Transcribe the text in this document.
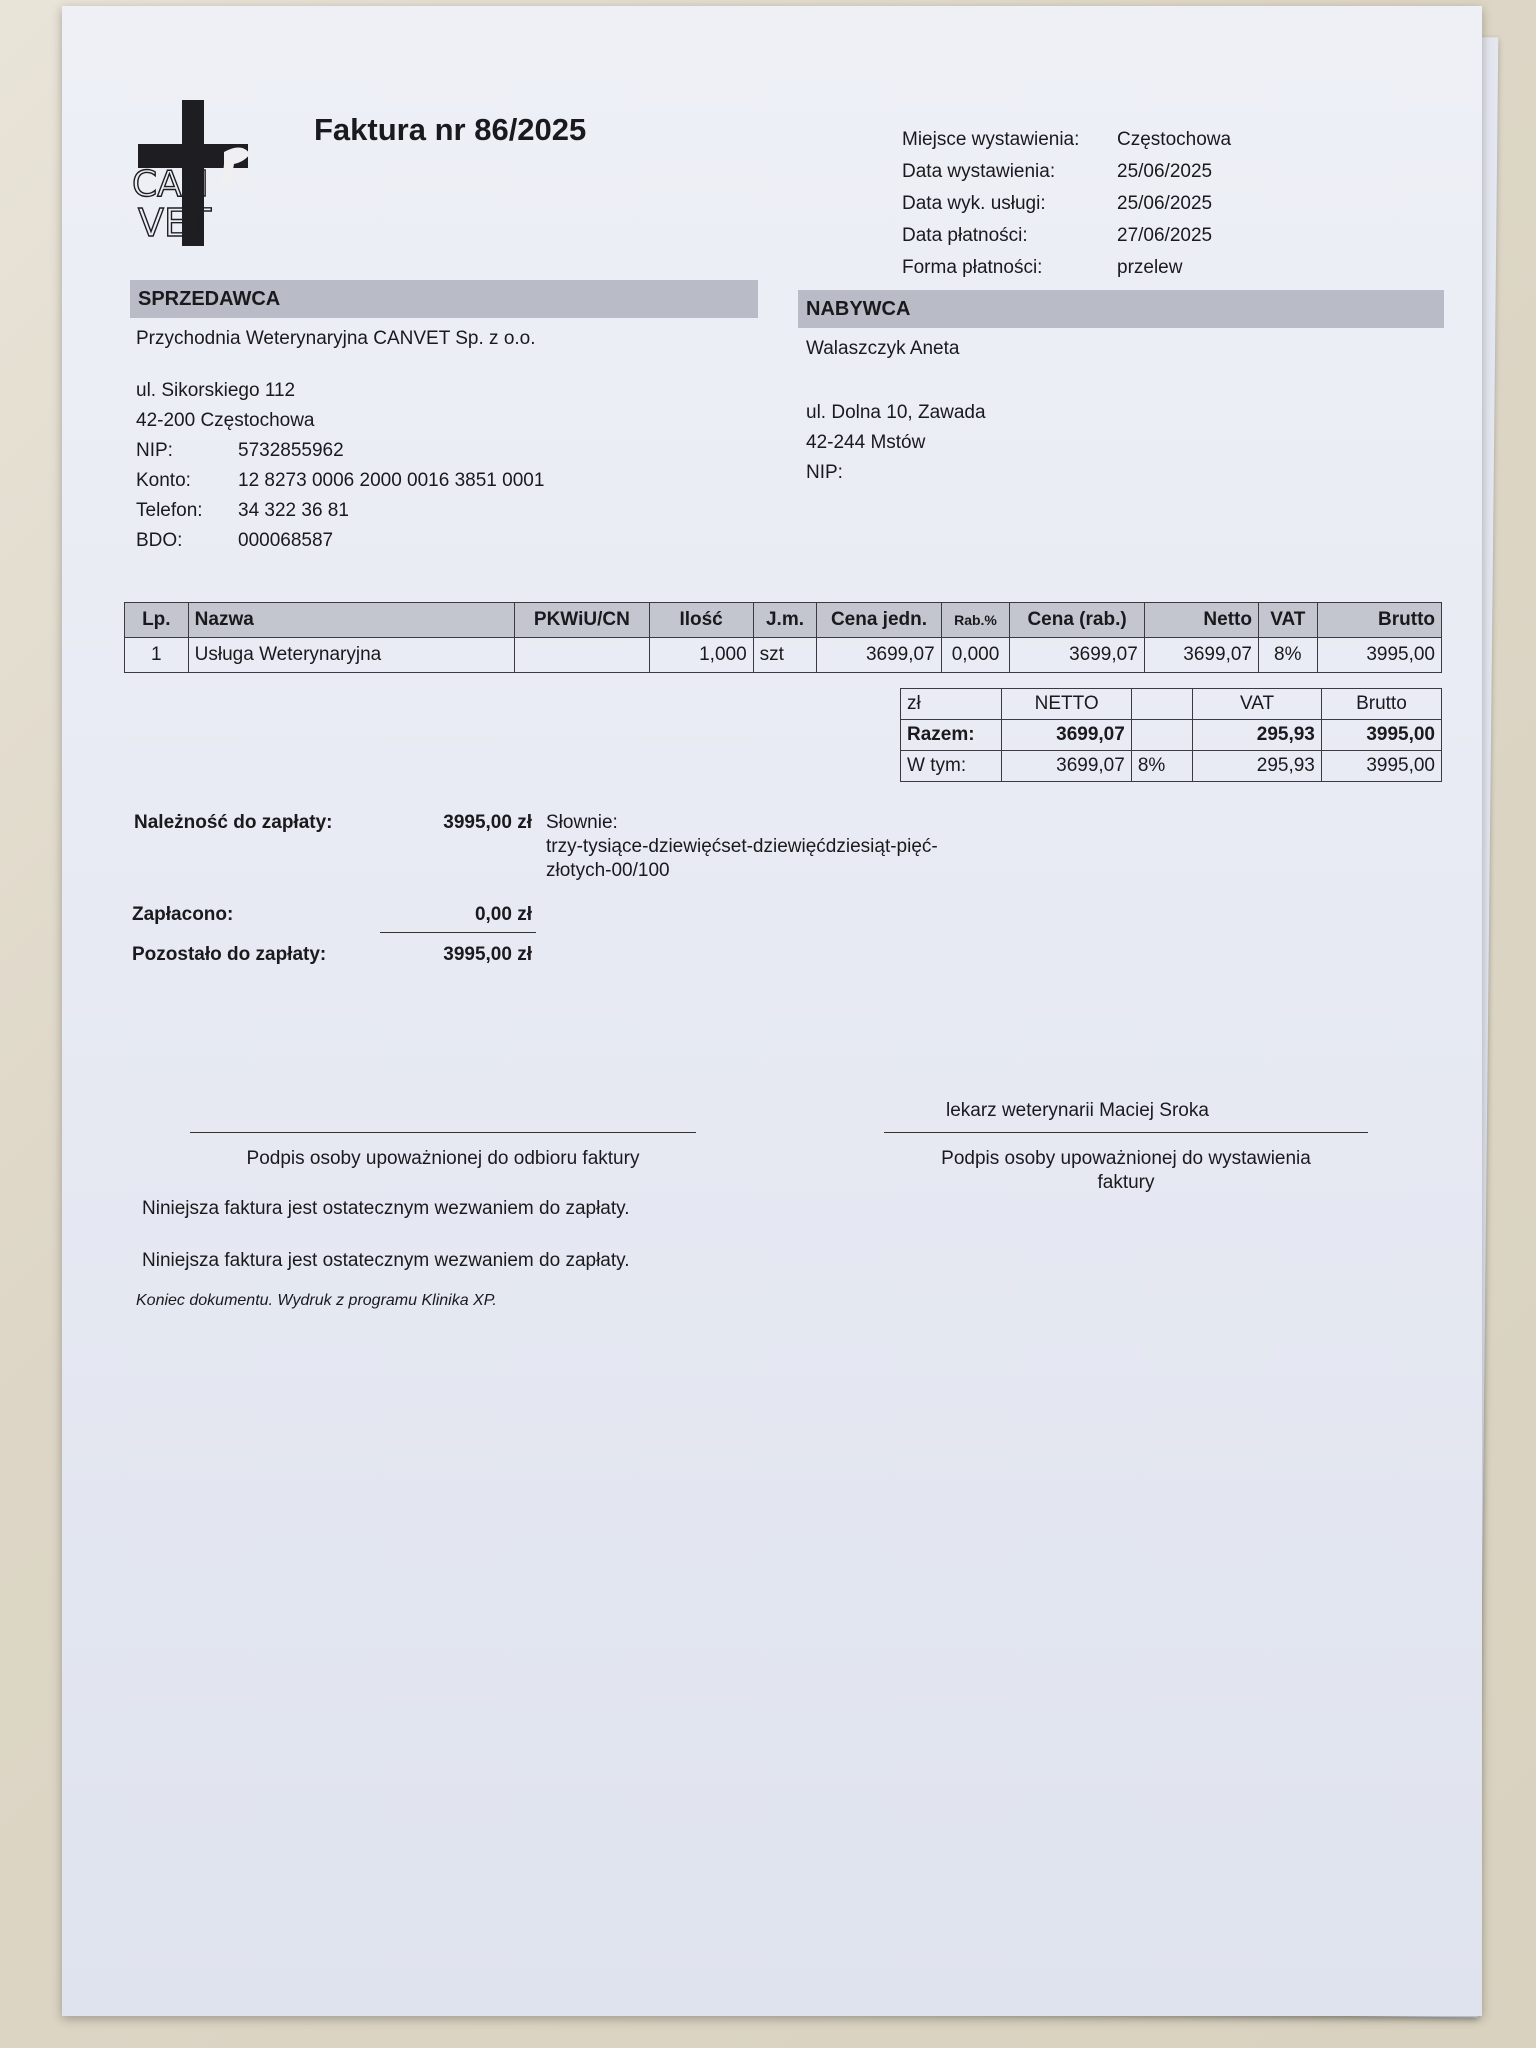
CAN
VET
Faktura nr 86/2025	Miejsce wystawienia:	Częstochowa
Data wystawienia:	25/06/2025
Data wyk. usługi:	25/06/2025
Data płatności:	27/06/2025
Forma płatności:	przelew
SPRZEDAWCA
Przychodnia Weterynaryjna CANVET Sp. z o.o.
ul. Sikorskiego 112
42-200 Częstochowa
NIP:	5732855962
Konto:	12 8273 0006 2000 0016 3851 0001
Telefon:	34 322 36 81
BDO:	000068587
NABYWCA
Walaszczyk Aneta
ul. Dolna 10, Zawada
42-244 Mstów
NIP:
Lp.	Nazwa	PKWiU/CN	Ilość	J.m.	Cena jedn.	Rab.%	Cena (rab.)	Netto	VAT	Brutto
1	Usługa Weterynaryjna		1,000	szt	3699,07	0,000	3699,07	3699,07	8%	3995,00
zł	NETTO		VAT	Brutto
Razem:	3699,07		295,93	3995,00
W tym:	3699,07	8%	295,93	3995,00
Należność do zapłaty:	3995,00 zł Słownie:
trzy-tysiące-dziewięćset-dziewięćdziesiąt-pięć-
złotych-00/100
Zapłacono:	0,00 zł
Pozostało do zapłaty:	3995,00 zł
lekarz weterynarii Maciej Sroka
Podpis osoby upoważnionej do odbioru faktury	Podpis osoby upoważnionej do wystawienia
faktury
Niniejsza faktura jest ostatecznym wezwaniem do zapłaty.
Niniejsza faktura jest ostatecznym wezwaniem do zapłaty.
Koniec dokumentu. Wydruk z programu Klinika XP.
